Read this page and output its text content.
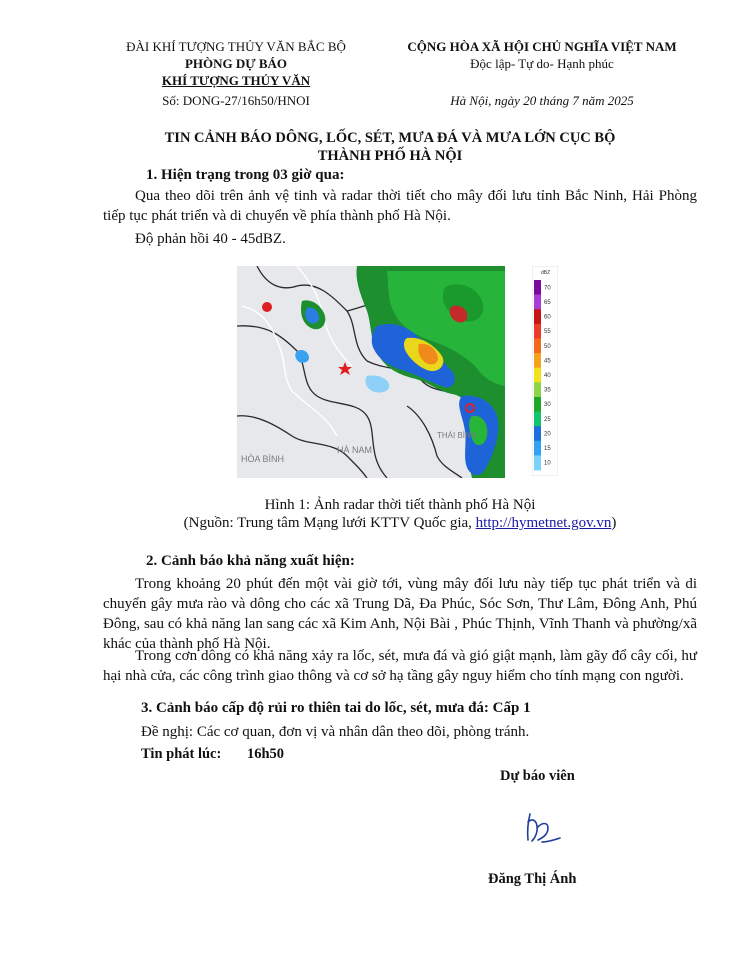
ĐÀI KHÍ TƯỢNG THỦY VĂN BẮC BỘ
PHÒNG DỰ BÁO
KHÍ TƯỢNG THỦY VĂN
Số: DONG-27/16h50/HNOI
CỘNG HÒA XÃ HỘI CHỦ NGHĨA VIỆT NAM
Độc lập- Tự do- Hạnh phúc
Hà Nội, ngày 20 tháng 7 năm 2025
TIN CẢNH BÁO DÔNG, LỐC, SÉT, MƯA ĐÁ VÀ MƯA LỚN CỤC BỘ
THÀNH PHỐ HÀ NỘI
1. Hiện trạng trong 03 giờ qua:
Qua theo dõi trên ảnh vệ tinh và radar thời tiết cho mây đối lưu tỉnh Bắc Ninh, Hải Phòng tiếp tục phát triển và di chuyển về phía thành phố Hà Nội.
Độ phản hồi 40 - 45dBZ.
HÒA BÌNH
HÀ NAM
THÁI BÌNH
dBZ
70
65
60
55
50
45
40
35
30
25
20
15
10
Hình 1: Ảnh radar thời tiết thành phố Hà Nội
(Nguồn: Trung tâm Mạng lưới KTTV Quốc gia, http://hymetnet.gov.vn)
2. Cảnh báo khả năng xuất hiện:
Trong khoảng 20 phút đến một vài giờ tới, vùng mây đối lưu này tiếp tục phát triển và di chuyển gây mưa rào và dông cho các xã Trung Dã, Đa Phúc, Sóc Sơn, Thư Lâm, Đông Anh, Phú Đông, sau có khả năng lan sang các xã Kim Anh, Nội Bài , Phúc Thịnh, Vĩnh Thanh và phường/xã khác của thành phố Hà Nội.
Trong cơn dông có khả năng xảy ra lốc, sét, mưa đá và gió giật mạnh, làm gãy đổ cây cối, hư hại nhà cửa, các công trình giao thông và cơ sở hạ tầng gây nguy hiểm cho tính mạng con người.
3. Cảnh báo cấp độ rủi ro thiên tai do lốc, sét, mưa đá: Cấp 1
Đề nghị: Các cơ quan, đơn vị và nhân dân theo dõi, phòng tránh.
Tin phát lúc: 16h50
Dự báo viên
Đăng Thị Ánh
